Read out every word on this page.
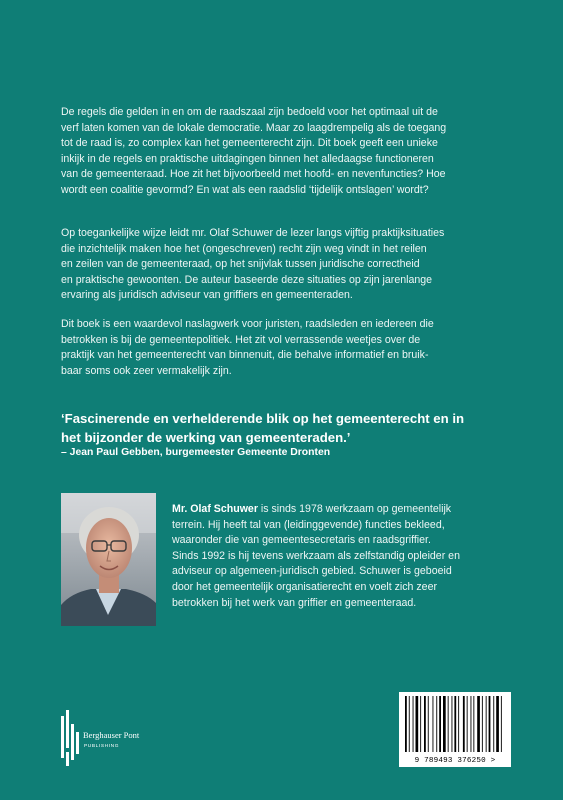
De regels die gelden in en om de raadszaal zijn bedoeld voor het optimaal uit de
verf laten komen van de lokale democratie. Maar zo laagdrempelig als de toegang
tot de raad is, zo complex kan het gemeenterecht zijn. Dit boek geeft een unieke
inkijk in de regels en praktische uitdagingen binnen het alledaagse functioneren
van de gemeenteraad. Hoe zit het bijvoorbeeld met hoofd- en nevenfuncties? Hoe
wordt een coalitie gevormd? En wat als een raadslid ‘tijdelijk ontslagen’ wordt?

Op toegankelijke wijze leidt mr. Olaf Schuwer de lezer langs vijftig praktijksituaties
die inzichtelijk maken hoe het (ongeschreven) recht zijn weg vindt in het reilen
en zeilen van de gemeenteraad, op het snijvlak tussen juridische correctheid
en praktische gewoonten. De auteur baseerde deze situaties op zijn jarenlange
ervaring als juridisch adviseur van griffiers en gemeenteraden.

Dit boek is een waardevol naslagwerk voor juristen, raadsleden en iedereen die
betrokken is bij de gemeentepolitiek. Het zit vol verrassende weetjes over de
praktijk van het gemeenterecht van binnenuit, die behalve informatief en bruik-
baar soms ook zeer vermakelijk zijn.

‘Fascinerende en verhelderende blik op het gemeenterecht en in
het bijzonder de werking van gemeenteraden.’

– Jean Paul Gebben, burgemeester Gemeente Dronten

Mr. Olaf Schuwer is sinds 1978 werkzaam op gemeentelijk
terrein. Hij heeft tal van (leidinggevende) functies bekleed,
waaronder die van gemeentesecretaris en raadsgriffier.
Sinds 1992 is hij tevens werkzaam als zelfstandig opleider en
adviseur op algemeen-juridisch gebied. Schuwer is geboeid
door het gemeentelijk organisatierecht en voelt zich zeer
betrokken bij het werk van griffier en gemeenteraad.

Berghauser Pont
PUBLISHING
9 789493 376250 >
